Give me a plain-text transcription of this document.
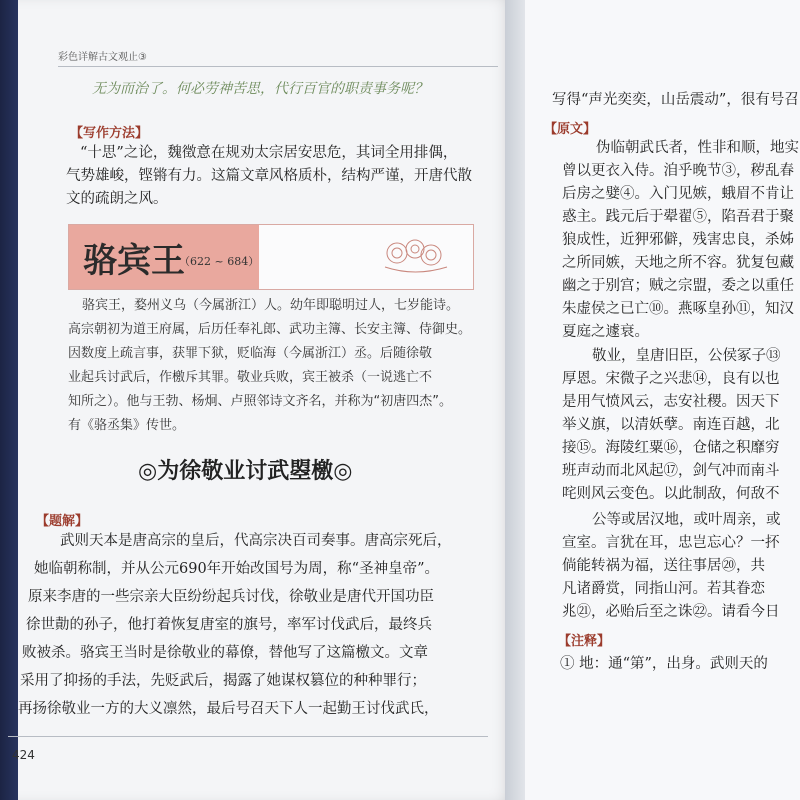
彩色详解古文观止③
无为而治了。何必劳神苦思，代行百官的职责事务呢？
【写作方法】
“十思”之论，魏徵意在规劝太宗居安思危，其词全用排偶，
气势雄峻，铿锵有力。这篇文章风格质朴，结构严谨，开唐代散
文的疏朗之风。
骆宾王
（622 ~ 684）
骆宾王，婺州义乌（今属浙江）人。幼年即聪明过人，七岁能诗。
高宗朝初为道王府属，后历任奉礼郎、武功主簿、长安主簿、侍御史。
因数度上疏言事，获罪下狱，贬临海（今属浙江）丞。后随徐敬
业起兵讨武后，作檄斥其罪。敬业兵败，宾王被杀（一说逃亡不
知所之）。他与王勃、杨炯、卢照邻诗文齐名，并称为“初唐四杰”。
有《骆丞集》传世。
◎为徐敬业讨武曌檄◎
【题解】
武则天本是唐高宗的皇后，代高宗决百司奏事。唐高宗死后，
她临朝称制，并从公元690年开始改国号为周，称“圣神皇帝”。
原来李唐的一些宗亲大臣纷纷起兵讨伐，徐敬业是唐代开国功臣
徐世勣的孙子，他打着恢复唐室的旗号，率军讨伐武后，最终兵
败被杀。骆宾王当时是徐敬业的幕僚，替他写了这篇檄文。文章
采用了抑扬的手法，先贬武后，揭露了她谋权篡位的种种罪行；
再扬徐敬业一方的大义凛然，最后号召天下人一起勤王讨伐武氏，
424
写得“声光奕奕，山岳震动”，很有号召
【原文】
伪临朝武氏者，性非和顺，地实
曾以更衣入侍。洎乎晚节③，秽乱春
后房之嬖④。入门见嫉，蛾眉不肯让
惑主。践元后于翚翟⑤，陷吾君于聚
狼成性，近狎邪僻，残害忠良，杀姊
之所同嫉，天地之所不容。犹复包藏
幽之于别宫；贼之宗盟，委之以重任
朱虚侯之已亡⑩。燕啄皇孙⑪，知汉
夏庭之遽衰。
敬业，皇唐旧臣，公侯冢子⑬
厚恩。宋微子之兴悲⑭，良有以也
是用气愤风云，志安社稷。因天下
举义旗，以清妖孽。南连百越，北
接⑮。海陵红粟⑯，仓储之积靡穷
班声动而北风起⑰，剑气冲而南斗
咤则风云变色。以此制敌，何敌不
公等或居汉地，或叶周亲，或
宣室。言犹在耳，忠岂忘心？一抔
倘能转祸为福，送往事居⑳，共
凡诸爵赏，同指山河。若其眷恋
兆㉑，必贻后至之诛㉒。请看今日
【注释】
① 地：通“第”，出身。武则天的
